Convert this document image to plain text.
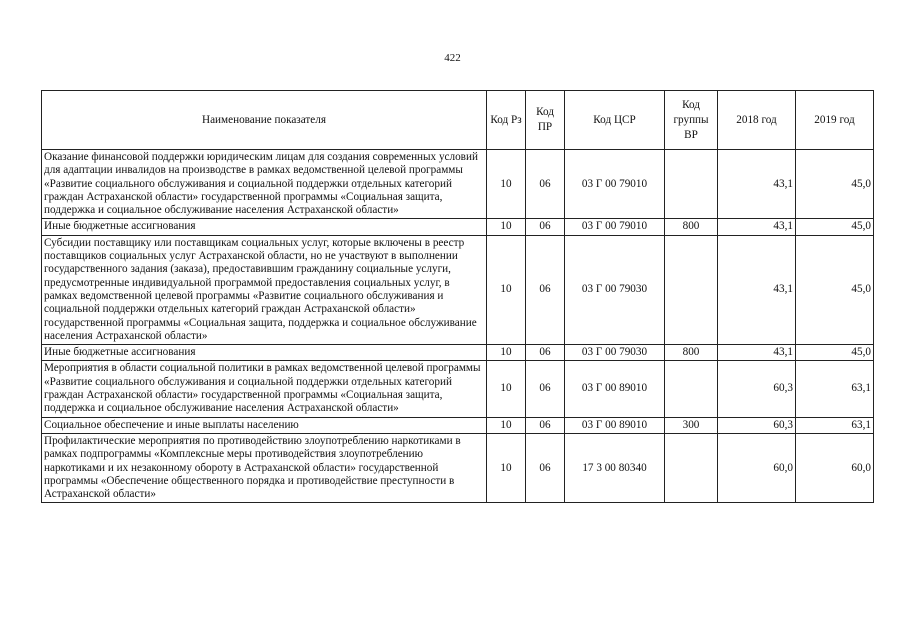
422
Наименование показателя	Код Рз	Код ПР	Код ЦСР	Код группы ВР	2018 год	2019 год
Оказание финансовой поддержки юридическим лицам для создания современных условий для адаптации инвалидов на производстве в рамках ведомственной целевой программы «Развитие социального обслуживания и социальной поддержки отдельных категорий граждан Астраханской области» государственной программы «Социальная защита, поддержка и социальное обслуживание населения Астраханской области»	10	06	03 Г 00 79010		43,1	45,0
Иные бюджетные ассигнования	10	06	03 Г 00 79010	800	43,1	45,0
Субсидии поставщику или поставщикам социальных услуг, которые включены в реестр поставщиков социальных услуг Астраханской области, но не участвуют в выполнении государственного задания (заказа), предоставившим гражданину социальные услуги, предусмотренные индивидуальной программой предоставления социальных услуг, в рамках ведомственной целевой программы «Развитие социального обслуживания и социальной поддержки отдельных категорий граждан Астраханской области» государственной программы «Социальная защита, поддержка и социальное обслуживание населения Астраханской области»	10	06	03 Г 00 79030		43,1	45,0
Иные бюджетные ассигнования	10	06	03 Г 00 79030	800	43,1	45,0
Мероприятия в области социальной политики в рамках ведомственной целевой программы «Развитие социального обслуживания и социальной поддержки отдельных категорий граждан Астраханской области» государственной программы «Социальная защита, поддержка и социальное обслуживание населения Астраханской области»	10	06	03 Г 00 89010		60,3	63,1
Социальное обеспечение и иные выплаты населению	10	06	03 Г 00 89010	300	60,3	63,1
Профилактические мероприятия по противодействию злоупотреблению наркотиками в рамках подпрограммы «Комплексные меры противодействия злоупотреблению наркотиками и их незаконному обороту в Астраханской области» государственной программы «Обеспечение общественного порядка и противодействие преступности в Астраханской области»	10	06	17 3 00 80340		60,0	60,0
